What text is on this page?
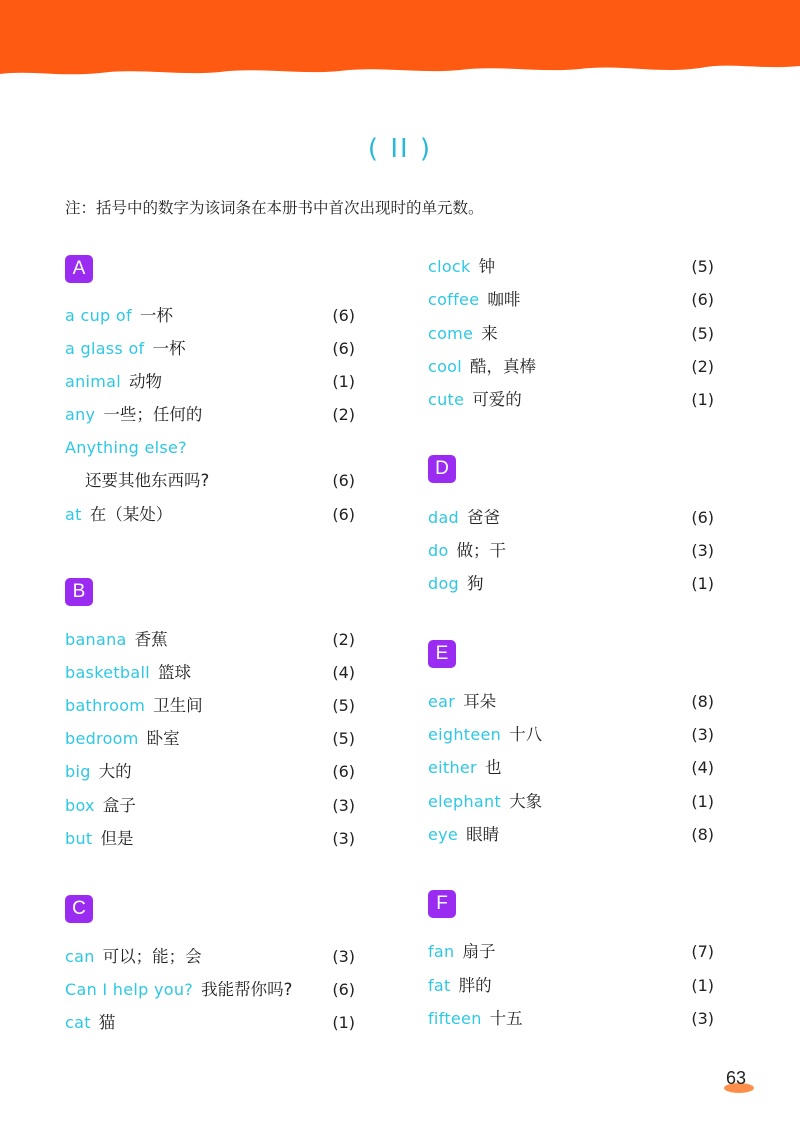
( II )
注：括号中的数字为该词条在本册书中首次出现时的单元数。
A
a cup of 一杯	(6)
a glass of 一杯	(6)
animal 动物	(1)
any 一些；任何的	(2)
Anything else?
还要其他东西吗?	(6)
at 在（某处）	(6)
B
banana 香蕉	(2)
basketball 篮球	(4)
bathroom 卫生间	(5)
bedroom 卧室	(5)
big 大的	(6)
box 盒子	(3)
but 但是	(3)
C
can 可以；能；会	(3)
Can I help you? 我能帮你吗? (6)
cat 猫	(1)
clock 钟	(5)
coffee 咖啡	(6)
come 来	(5)
cool 酷，真棒	(2)
cute 可爱的	(1)
D
dad 爸爸	(6)
do 做；干	(3)
dog 狗	(1)
E
ear 耳朵	(8)
eighteen 十八	(3)
either 也	(4)
elephant 大象	(1)
eye 眼睛	(8)
F
fan 扇子	(7)
fat 胖的	(1)
fifteen 十五	(3)
63
